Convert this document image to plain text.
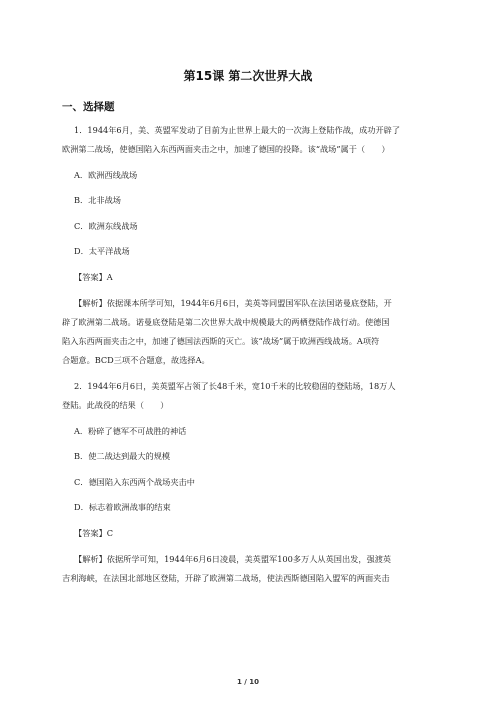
第15课 第二次世界大战
一、选择题
1．1944年6月，美、英盟军发动了目前为止世界上最大的一次海上登陆作战，成功开辟了
欧洲第二战场，使德国陷入东西两面夹击之中，加速了德国的投降。该“战场”属于（　　）
A．欧洲西线战场
B．北非战场
C．欧洲东线战场
D．太平洋战场
【答案】A
【解析】依据课本所学可知，1944年6月6日，美英等同盟国军队在法国诺曼底登陆，开
辟了欧洲第二战场。诺曼底登陆是第二次世界大战中规模最大的两栖登陆作战行动。使德国
陷入东西两面夹击之中，加速了德国法西斯的灭亡。该“战场”属于欧洲西线战场。A项符
合题意。BCD三项不合题意，故选择A。
2．1944年6月6日，美英盟军占领了长48千米，宽10千米的比较稳固的登陆场，18万人
登陆。此战役的结果（　　）
A．粉碎了德军不可战胜的神话
B．使二战达到最大的规模
C．德国陷入东西两个战场夹击中
D．标志着欧洲战事的结束
【答案】C
【解析】依据所学可知，1944年6月6日凌晨，美英盟军100多万人从英国出发，强渡英
吉利海峡，在法国北部地区登陆，开辟了欧洲第二战场，使法西斯德国陷入盟军的两面夹击
1 / 10
